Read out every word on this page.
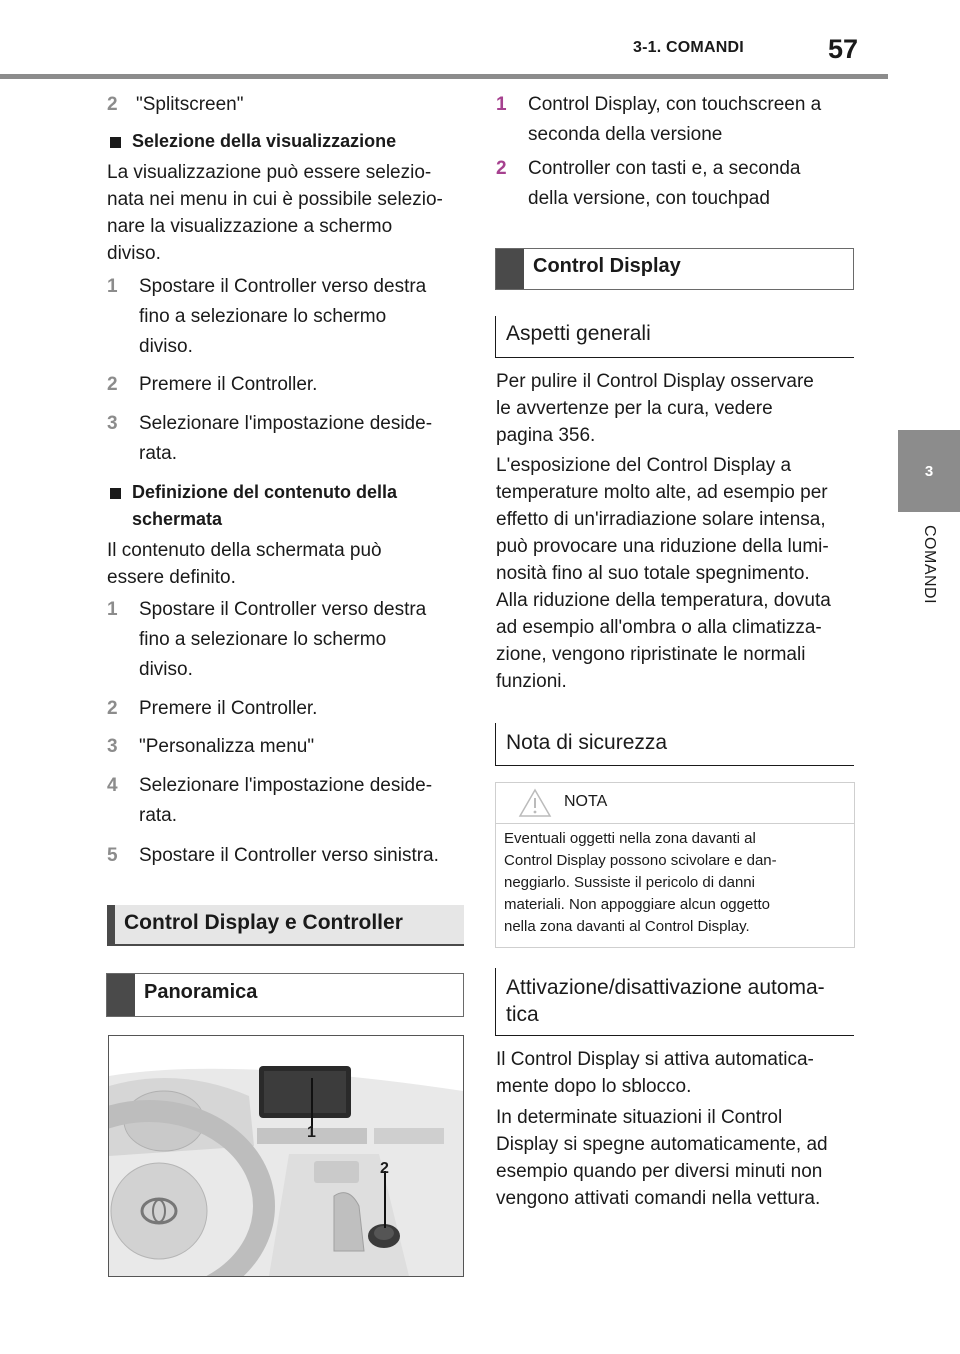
3-1. COMANDI	57
3
COMANDI
2 "Splitscreen"
Selezione della visualizzazione
La visualizzazione può essere selezio-
nata nei menu in cui è possibile selezio-
nare la visualizzazione a schermo
diviso.
1 Spostare il Controller verso destra
fino a selezionare lo schermo
diviso.
2 Premere il Controller.
3 Selezionare l'impostazione deside-
rata.
Definizione del contenuto della
schermata
Il contenuto della schermata può
essere definito.
1 Spostare il Controller verso destra
fino a selezionare lo schermo
diviso.
2 Premere il Controller.
3 "Personalizza menu"
4 Selezionare l'impostazione deside-
rata.
5 Spostare il Controller verso sinistra.
Control Display e Controller
Panoramica
1
2
1 Control Display, con touchscreen a
seconda della versione
2 Controller con tasti e, a seconda
della versione, con touchpad
Control Display
Aspetti generali
Per pulire il Control Display osservare
le avvertenze per la cura, vedere
pagina 356.
L'esposizione del Control Display a
temperature molto alte, ad esempio per
effetto di un'irradiazione solare intensa,
può provocare una riduzione della lumi-
nosità fino al suo totale spegnimento.
Alla riduzione della temperatura, dovuta
ad esempio all'ombra o alla climatizza-
zione, vengono ripristinate le normali
funzioni.
Nota di sicurezza
NOTA
Eventuali oggetti nella zona davanti al
Control Display possono scivolare e dan-
neggiarlo. Sussiste il pericolo di danni
materiali. Non appoggiare alcun oggetto
nella zona davanti al Control Display.
Attivazione/disattivazione automa-
tica
Il Control Display si attiva automatica-
mente dopo lo sblocco.
In determinate situazioni il Control
Display si spegne automaticamente, ad
esempio quando per diversi minuti non
vengono attivati comandi nella vettura.
